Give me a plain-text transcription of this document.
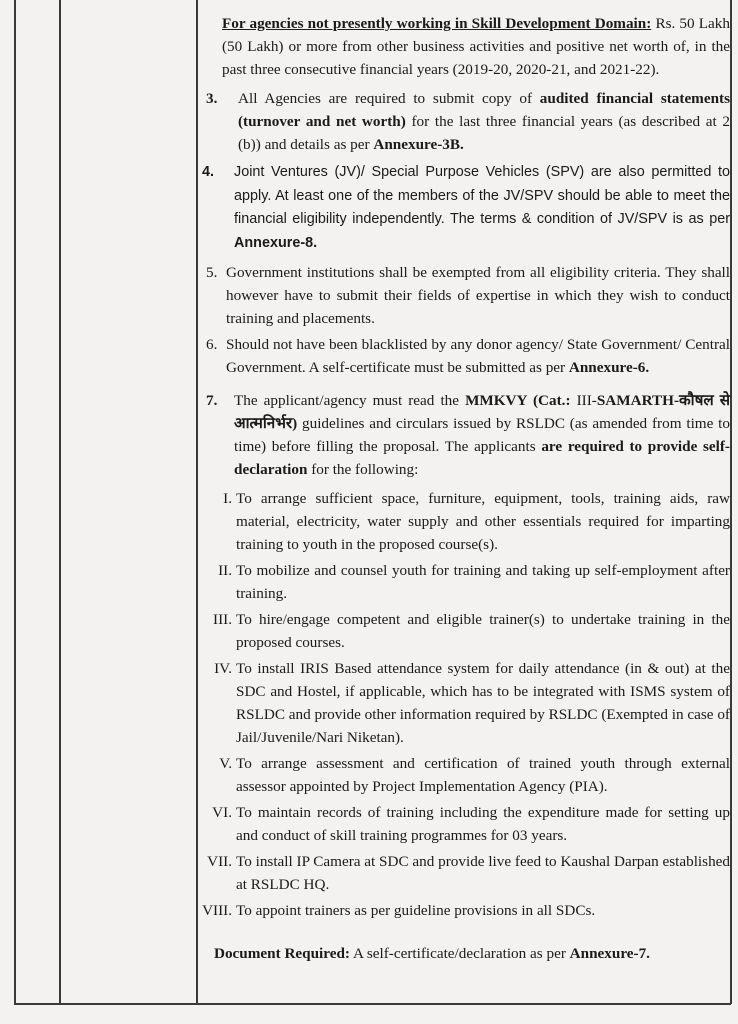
For agencies not presently working in Skill Development Domain: Rs. 50 Lakh (50 Lakh) or more from other business activities and positive net worth of, in the past three consecutive financial years (2019-20, 2020-21, and 2021-22).
3. All Agencies are required to submit copy of audited financial statements (turnover and net worth) for the last three financial years (as described at 2 (b)) and details as per Annexure-3B.
4. Joint Ventures (JV)/ Special Purpose Vehicles (SPV) are also permitted to apply. At least one of the members of the JV/SPV should be able to meet the financial eligibility independently. The terms & condition of JV/SPV is as per Annexure-8.
5. Government institutions shall be exempted from all eligibility criteria. They shall however have to submit their fields of expertise in which they wish to conduct training and placements.
6. Should not have been blacklisted by any donor agency/ State Government/ Central Government. A self-certificate must be submitted as per Annexure-6.
7. The applicant/agency must read the MMKVY (Cat.: III-SAMARTH-कौषल से आत्मनिर्भर) guidelines and circulars issued by RSLDC (as amended from time to time) before filling the proposal. The applicants are required to provide self-declaration for the following:
I. To arrange sufficient space, furniture, equipment, tools, training aids, raw material, electricity, water supply and other essentials required for imparting training to youth in the proposed course(s).
II. To mobilize and counsel youth for training and taking up self-employment after training.
III. To hire/engage competent and eligible trainer(s) to undertake training in the proposed courses.
IV. To install IRIS Based attendance system for daily attendance (in & out) at the SDC and Hostel, if applicable, which has to be integrated with ISMS system of RSLDC and provide other information required by RSLDC (Exempted in case of Jail/Juvenile/Nari Niketan).
V. To arrange assessment and certification of trained youth through external assessor appointed by Project Implementation Agency (PIA).
VI. To maintain records of training including the expenditure made for setting up and conduct of skill training programmes for 03 years.
VII. To install IP Camera at SDC and provide live feed to Kaushal Darpan established at RSLDC HQ.
VIII. To appoint trainers as per guideline provisions in all SDCs.
Document Required: A self-certificate/declaration as per Annexure-7.
